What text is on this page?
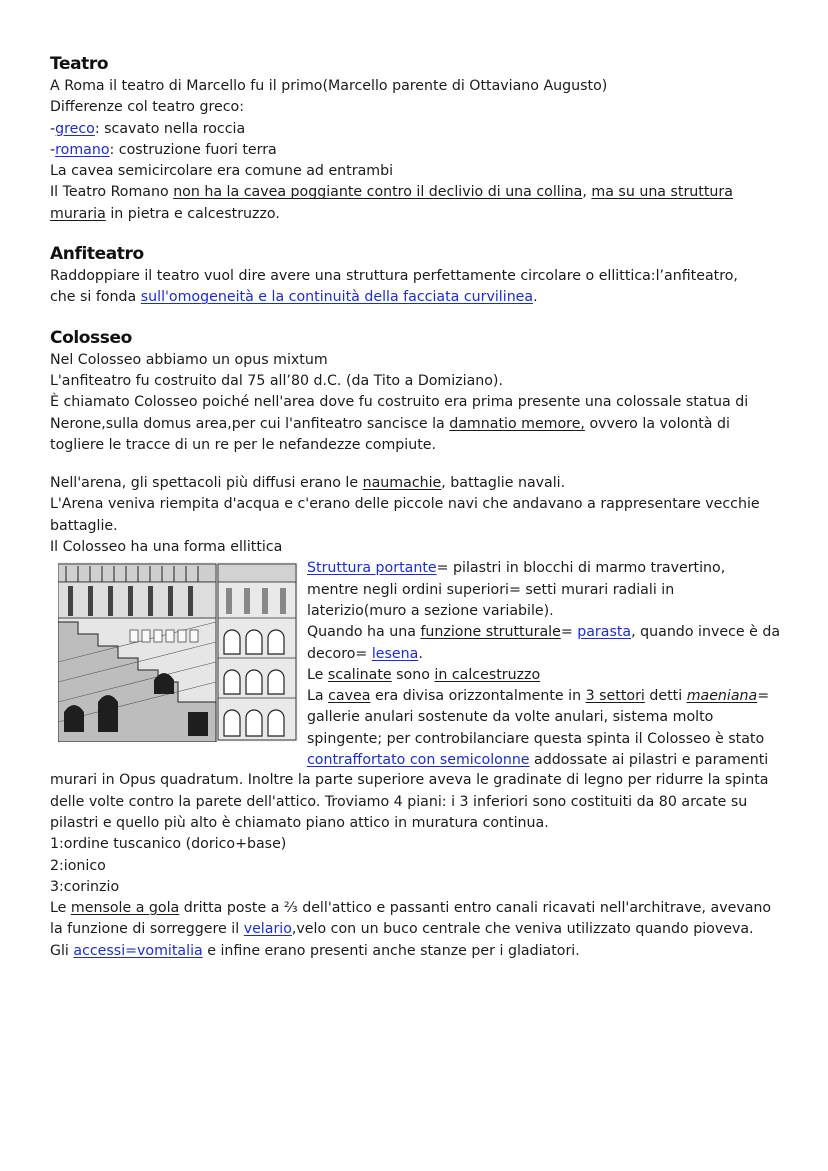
Teatro
A Roma il teatro di Marcello fu il primo(Marcello parente di Ottaviano Augusto)
Differenze col teatro greco:
-greco: scavato nella roccia
-romano: costruzione fuori terra
La cavea semicircolare era comune ad entrambi
Il Teatro Romano non ha la cavea poggiante contro il declivio di una collina, ma su una struttura
muraria in pietra e calcestruzzo.
Anfiteatro
Raddoppiare il teatro vuol dire avere una struttura perfettamente circolare o ellittica:l’anfiteatro,
che si fonda sull'omogeneità e la continuità della facciata curvilinea.
Colosseo
Nel Colosseo abbiamo un opus mixtum
L'anfiteatro fu costruito dal 75 all’80 d.C. (da Tito a Domiziano).
È chiamato Colosseo poiché nell'area dove fu costruito era prima presente una colossale statua di
Nerone,sulla domus area,per cui l'anfiteatro sancisce la damnatio memore, ovvero la volontà di
togliere le tracce di un re per le nefandezze compiute.
Nell'arena, gli spettacoli più diffusi erano le naumachie, battaglie navali.
L'Arena veniva riempita d'acqua e c'erano delle piccole navi che andavano a rappresentare vecchie
battaglie.
Il Colosseo ha una forma ellittica
Struttura portante= pilastri in blocchi di marmo travertino,
mentre negli ordini superiori= setti murari radiali in
laterizio(muro a sezione variabile).
Quando ha una funzione strutturale= parasta, quando invece è da
decoro= lesena.
Le scalinate sono in calcestruzzo
La cavea era divisa orizzontalmente in 3 settori detti maeniana=
gallerie anulari sostenute da volte anulari, sistema molto
spingente; per controbilanciare questa spinta il Colosseo è stato
contraffortato con semicolonne addossate ai pilastri e paramenti
murari in Opus quadratum. Inoltre la parte superiore aveva le gradinate di legno per ridurre la spinta
delle volte contro la parete dell'attico. Troviamo 4 piani: i 3 inferiori sono costituiti da 80 arcate su
pilastri e quello più alto è chiamato piano attico in muratura continua.
1:ordine tuscanico (dorico+base)
2:ionico
3:corinzio
Le mensole a gola dritta poste a ⅔ dell'attico e passanti entro canali ricavati nell'architrave, avevano
la funzione di sorreggere il velario,velo con un buco centrale che veniva utilizzato quando pioveva.
Gli accessi=vomitalia e infine erano presenti anche stanze per i gladiatori.
